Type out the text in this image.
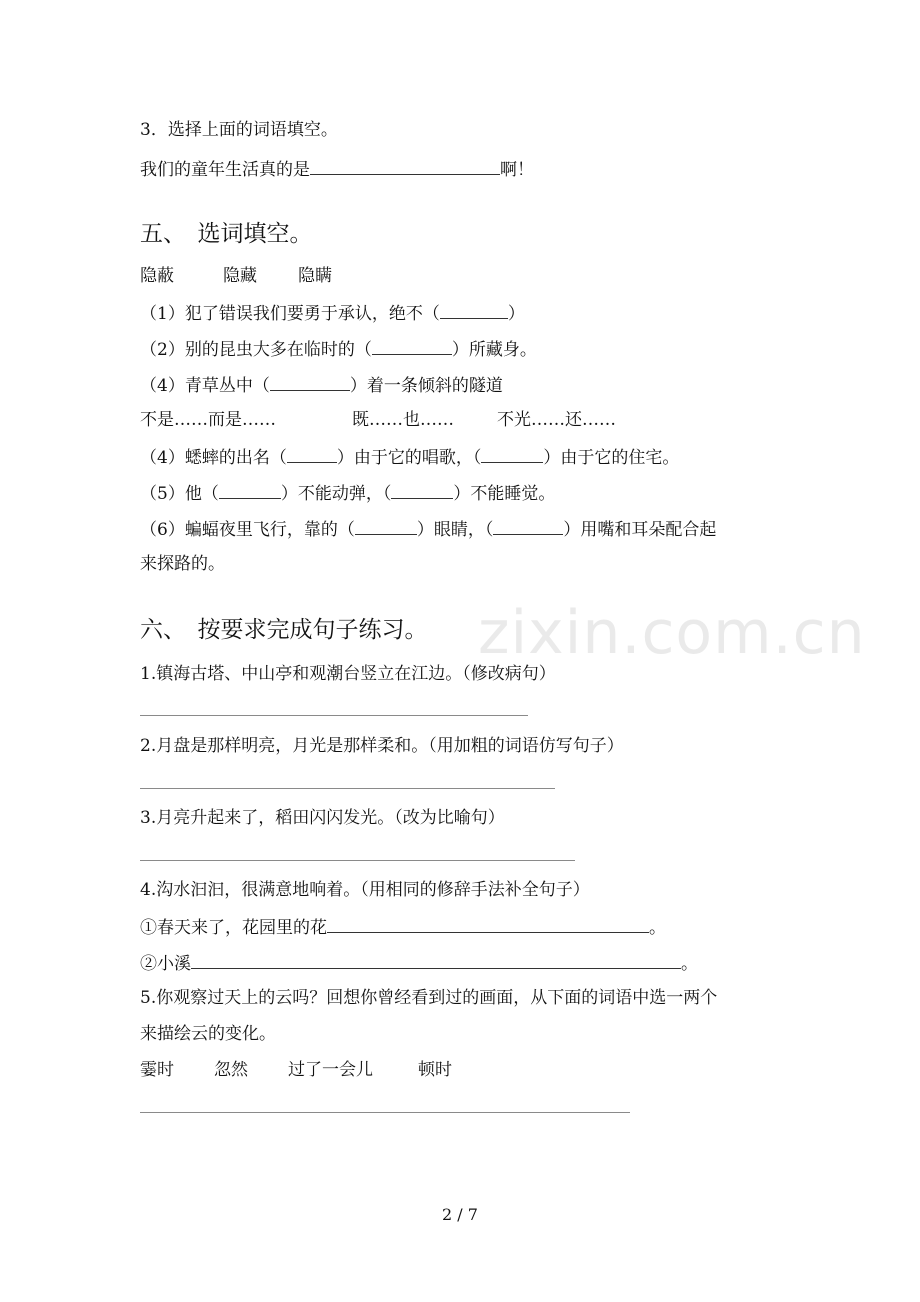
zixin.com.cn
3．选择上面的词语填空。
我们的童年生活真的是	啊！
五、　选词填空。
隐蔽	隐藏 隐瞒
（1）犯了错误我们要勇于承认，绝不（	）
（2）别的昆虫大多在临时的（	）所藏身。
（4）青草丛中（	）着一条倾斜的隧道
不是……而是……	既……也……	不光……还……
（4）蟋蟀的出名（	）由于它的唱歌，（	）由于它的住宅。
（5）他（	）不能动弹，（	）不能睡觉。
（6）蝙蝠夜里飞行，靠的（	）眼睛，（	）用嘴和耳朵配合起
来探路的。
六、　按要求完成句子练习。
1.镇海古塔、中山亭和观潮台竖立在江边。（修改病句）
2.月盘是那样明亮，月光是那样柔和。（用加粗的词语仿写句子）
3.月亮升起来了，稻田闪闪发光。（改为比喻句）
4.沟水汩汩，很满意地响着。（用相同的修辞手法补全句子）
①春天来了，花园里的花	。
②小溪	。
5.你观察过天上的云吗？回想你曾经看到过的画面，从下面的词语中选一两个
来描绘云的变化。
霎时 忽然 过了一会儿	顿时
2 / 7
